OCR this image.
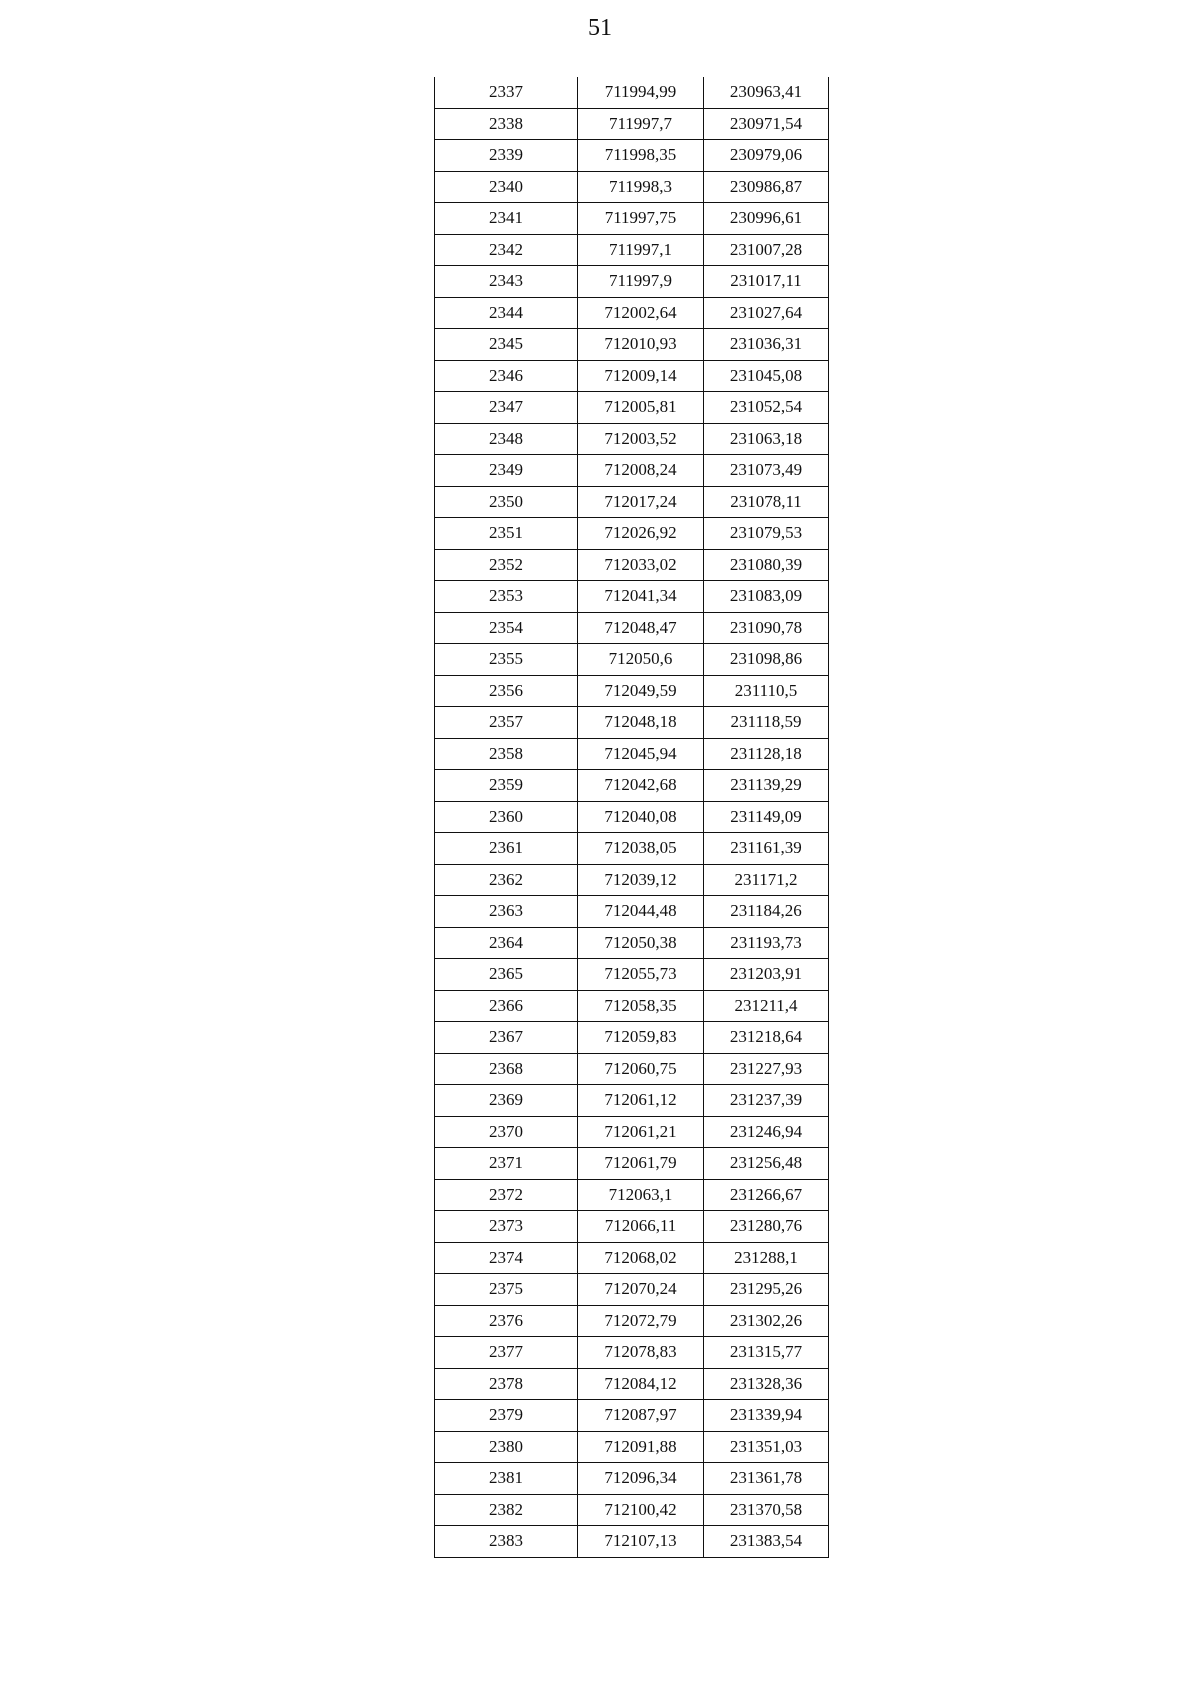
51
2337	711994,99	230963,41
2338	711997,7	230971,54
2339	711998,35	230979,06
2340	711998,3	230986,87
2341	711997,75	230996,61
2342	711997,1	231007,28
2343	711997,9	231017,11
2344	712002,64	231027,64
2345	712010,93	231036,31
2346	712009,14	231045,08
2347	712005,81	231052,54
2348	712003,52	231063,18
2349	712008,24	231073,49
2350	712017,24	231078,11
2351	712026,92	231079,53
2352	712033,02	231080,39
2353	712041,34	231083,09
2354	712048,47	231090,78
2355	712050,6	231098,86
2356	712049,59	231110,5
2357	712048,18	231118,59
2358	712045,94	231128,18
2359	712042,68	231139,29
2360	712040,08	231149,09
2361	712038,05	231161,39
2362	712039,12	231171,2
2363	712044,48	231184,26
2364	712050,38	231193,73
2365	712055,73	231203,91
2366	712058,35	231211,4
2367	712059,83	231218,64
2368	712060,75	231227,93
2369	712061,12	231237,39
2370	712061,21	231246,94
2371	712061,79	231256,48
2372	712063,1	231266,67
2373	712066,11	231280,76
2374	712068,02	231288,1
2375	712070,24	231295,26
2376	712072,79	231302,26
2377	712078,83	231315,77
2378	712084,12	231328,36
2379	712087,97	231339,94
2380	712091,88	231351,03
2381	712096,34	231361,78
2382	712100,42	231370,58
2383	712107,13	231383,54
